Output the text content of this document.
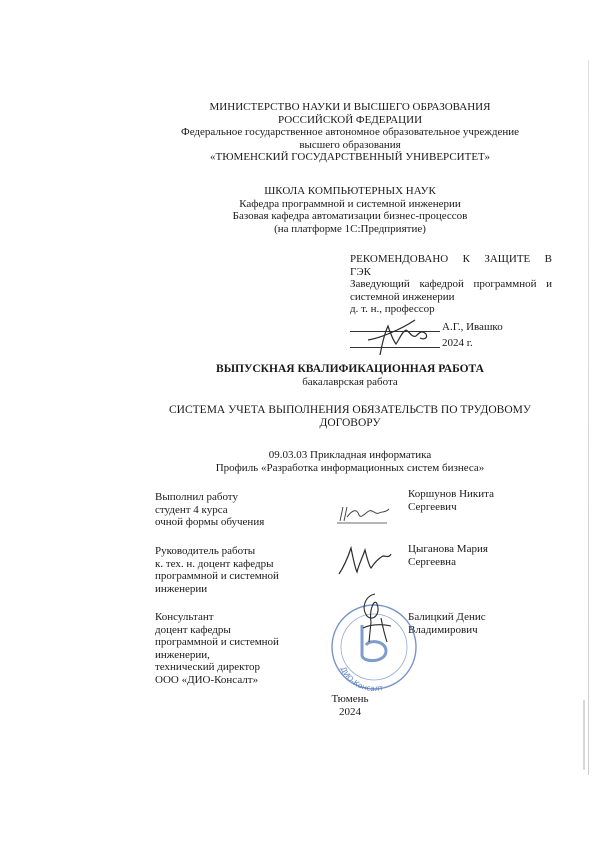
МИНИСТЕРСТВО НАУКИ И ВЫСШЕГО ОБРАЗОВАНИЯ
РОССИЙСКОЙ ФЕДЕРАЦИИ
Федеральное государственное автономное образовательное учреждение
высшего образования
«ТЮМЕНСКИЙ ГОСУДАРСТВЕННЫЙ УНИВЕРСИТЕТ»
ШКОЛА КОМПЬЮТЕРНЫХ НАУК
Кафедра программной и системной инженерии
Базовая кафедра автоматизации бизнес-процессов
(на платформе 1С:Предприятие)
РЕКОМЕНДОВАНО К ЗАЩИТЕ В
ГЭК
Заведующий кафедрой программной и
системной инженерии
д. т. н., профессор
А.Г., Ивашко
2024 г.
ВЫПУСКНАЯ КВАЛИФИКАЦИОННАЯ РАБОТА
бакалаврская работа
СИСТЕМА УЧЕТА ВЫПОЛНЕНИЯ ОБЯЗАТЕЛЬСТВ ПО ТРУДОВОМУ
ДОГОВОРУ
09.03.03 Прикладная информатика
Профиль «Разработка информационных систем бизнеса»
Выполнил работу
студент 4 курса
очной формы обучения
Коршунов Никита
Сергеевич
Руководитель работы
к. тех. н. доцент кафедры
программной и системной
инженерии
Цыганова Мария
Сергеевна
Консультант
доцент кафедры
программной и системной
инженерии,
технический директор
ООО «ДИО-Консалт»
Балицкий Денис
Владимирович
ДИО-Консалт
Тюмень
2024
